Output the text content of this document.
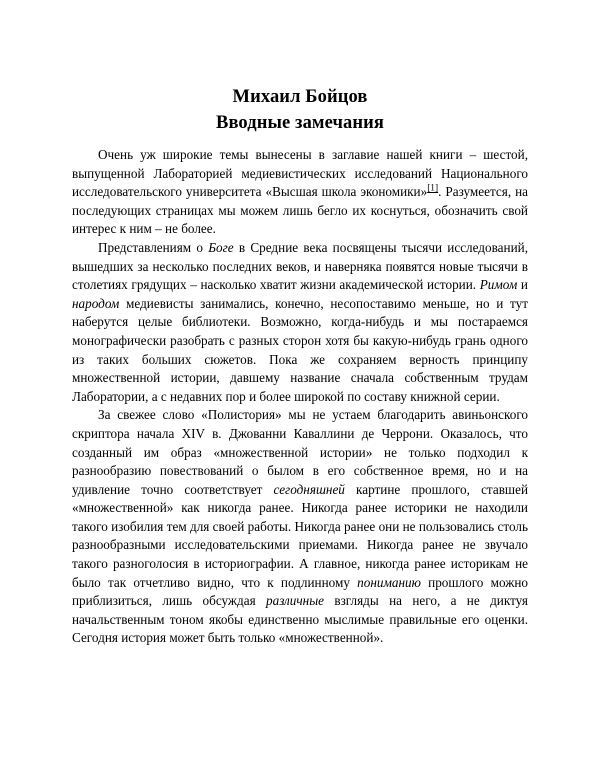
Михаил Бойцов
Вводные замечания

Очень уж широкие темы вынесены в заглавие нашей книги – шестой, выпущенной Лабораторией медиевистических исследований Национального исследовательского университета «Высшая школа экономики»[1]. Разумеется, на последующих страницах мы можем лишь бегло их коснуться, обозначить свой интерес к ним – не более.

Представлениям о Боге в Средние века посвящены тысячи исследований, вышедших за несколько последних веков, и наверняка появятся новые тысячи в столетиях грядущих – насколько хватит жизни академической истории. Римом и народом медиевисты занимались, конечно, несопоставимо меньше, но и тут наберутся целые библиотеки. Возможно, когда-нибудь и мы постараемся монографически разобрать с разных сторон хотя бы какую-нибудь грань одного из таких больших сюжетов. Пока же сохраняем верность принципу множественной истории, давшему название сначала собственным трудам Лаборатории, а с недавних пор и более широкой по составу книжной серии.

За свежее слово «Полистория» мы не устаем благодарить авиньонского скриптора начала XIV в. Джованни Каваллини де Черрони. Оказалось, что созданный им образ «множественной истории» не только подходил к разнообразию повествований о былом в его собственное время, но и на удивление точно соответствует сегодняшней картине прошлого, ставшей «множественной» как никогда ранее. Никогда ранее историки не находили такого изобилия тем для своей работы. Никогда ранее они не пользовались столь разнообразными исследовательскими приемами. Никогда ранее не звучало такого разноголосия в историографии. А главное, никогда ранее историкам не было так отчетливо видно, что к подлинному пониманию прошлого можно приблизиться, лишь обсуждая различные взгляды на него, а не диктуя начальственным тоном якобы единственно мыслимые правильные его оценки. Сегодня история может быть только «множественной».
